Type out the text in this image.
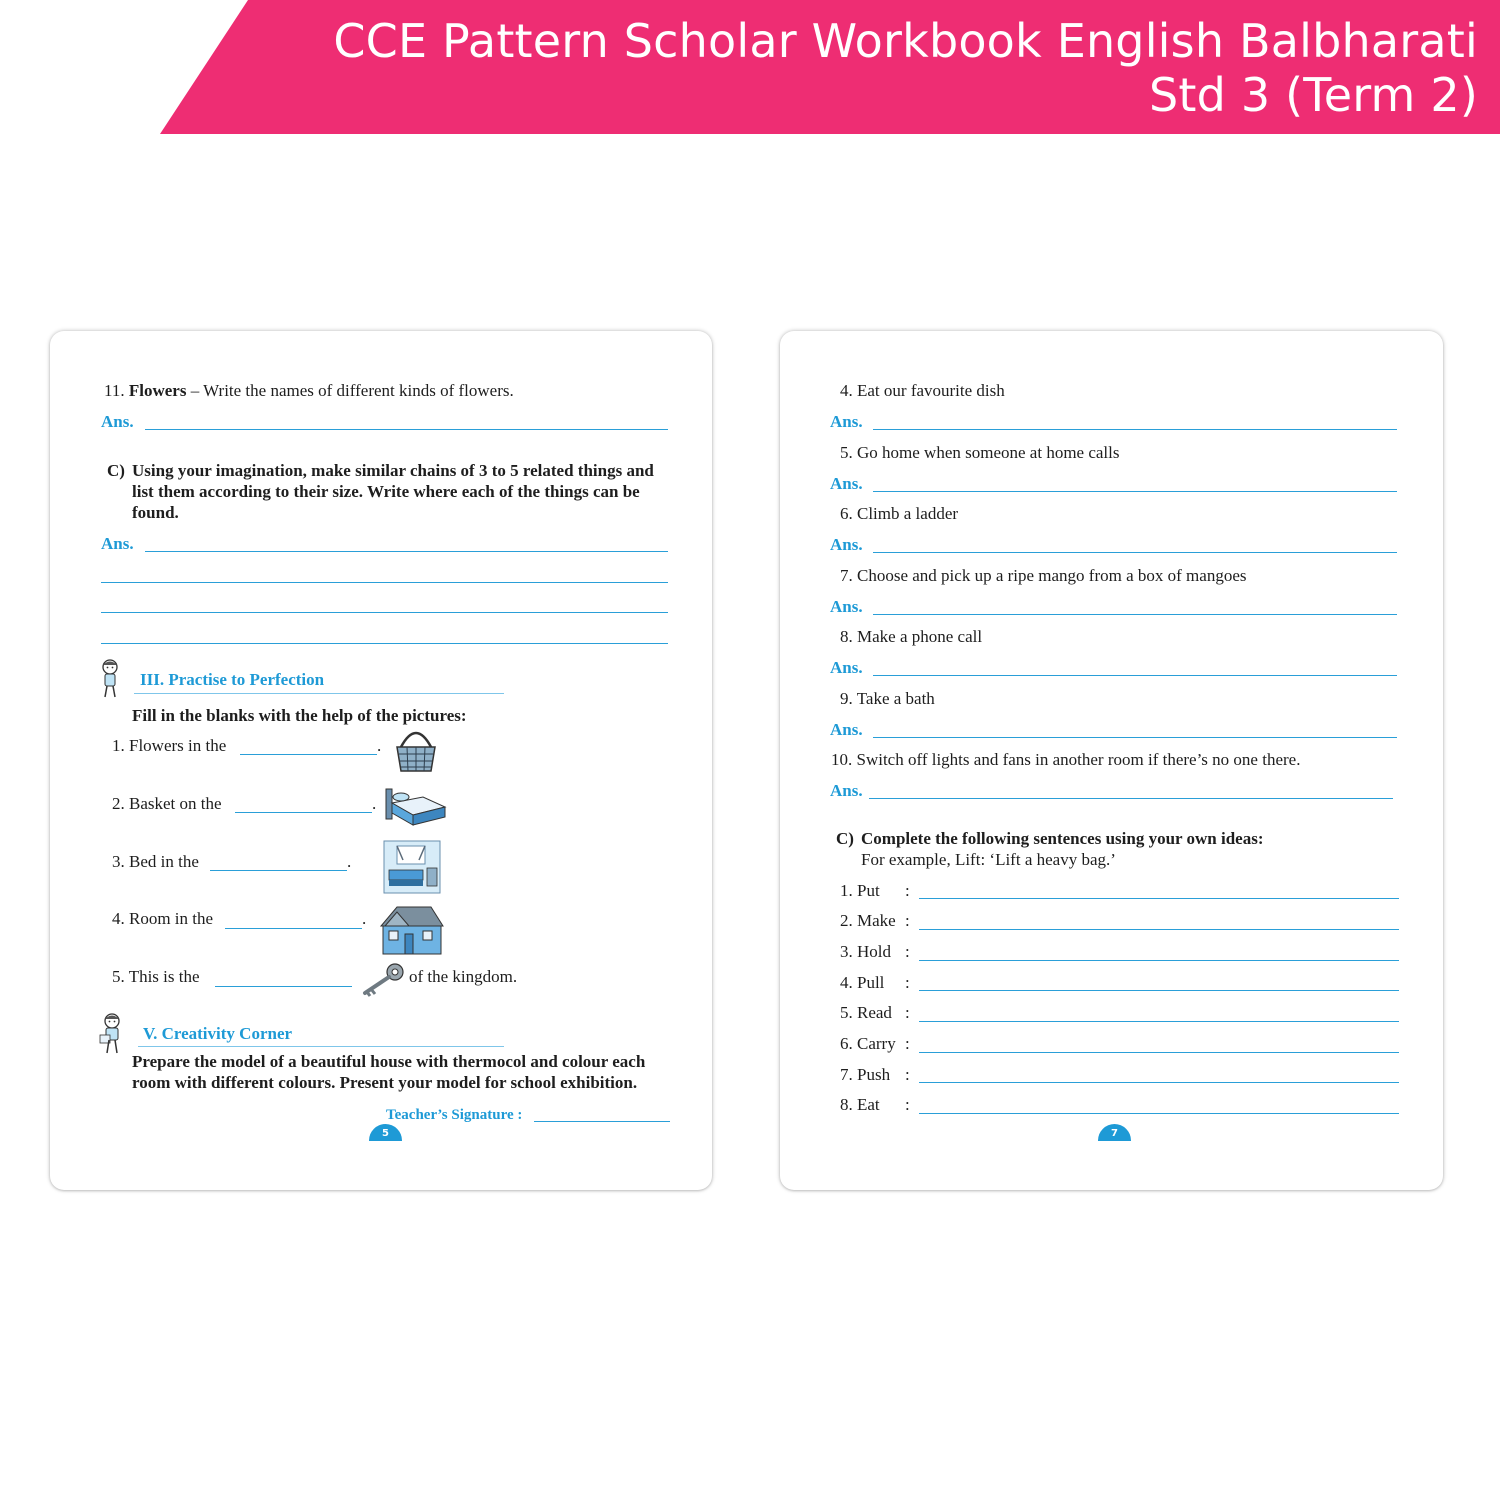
CCE Pattern Scholar Workbook English Balbharati
Std 3 (Term 2)
11. Flowers – Write the names of different kinds of flowers.
Ans.
C) Using your imagination, make similar chains of 3 to 5 related things and
list them according to their size. Write where each of the things can be
found.
Ans.
III. Practise to Perfection
Fill in the blanks with the help of the pictures:
1. Flowers in the	.
2. Basket on the	.
3. Bed in the	.
4. Room in the	.
5. This is the	of the kingdom.
V. Creativity Corner
Prepare the model of a beautiful house with thermocol and colour each
room with different colours. Present your model for school exhibition.
Teacher’s Signature :
5
4. Eat our favourite dish
Ans.
5. Go home when someone at home calls
Ans.
6. Climb a ladder
Ans.
7. Choose and pick up a ripe mango from a box of mangoes
Ans.
8. Make a phone call
Ans.
9. Take a bath
Ans.
10. Switch off lights and fans in another room if there’s no one there.
Ans.
C) Complete the following sentences using your own ideas:
For example, Lift: ‘Lift a heavy bag.’
1. Put :
2. Make :
3. Hold :
4. Pull :
5. Read :
6. Carry :
7. Push :
8. Eat :
7
